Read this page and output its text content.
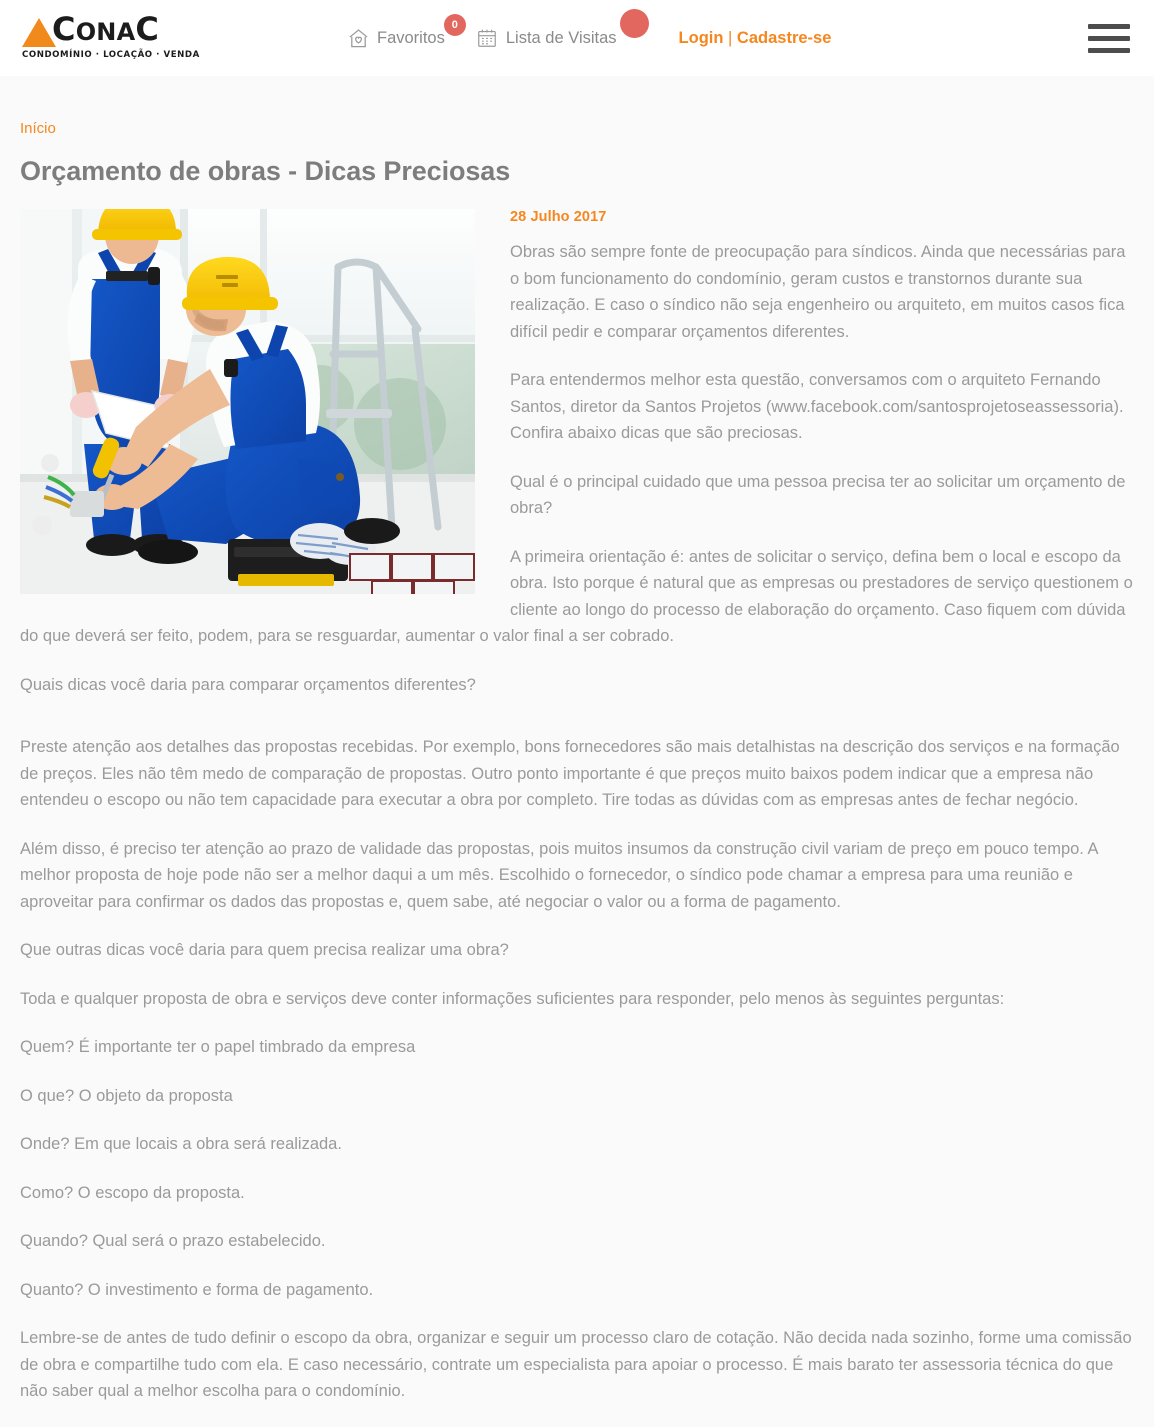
CONAC
CONDOMÍNIO · LOCAÇÃO · VENDA
Favoritos
0
Lista de Visitas	Login | Cadastre-se
Início
Orçamento de obras - Dicas Preciosas

28 Julho 2017

Obras são sempre fonte de preocupação para síndicos. Ainda que necessárias para o bom funcionamento do condomínio, geram custos e transtornos durante sua realização. E caso o síndico não seja engenheiro ou arquiteto, em muitos casos fica difícil pedir e comparar orçamentos diferentes.

Para entendermos melhor esta questão, conversamos com o arquiteto Fernando Santos, diretor da Santos Projetos (www.facebook.com/santosprojetoseassessoria). Confira abaixo dicas que são preciosas.

Qual é o principal cuidado que uma pessoa precisa ter ao solicitar um orçamento de obra?

A primeira orientação é: antes de solicitar o serviço, defina bem o local e escopo da obra. Isto porque é natural que as empresas ou prestadores de serviço questionem o cliente ao longo do processo de elaboração do orçamento. Caso fiquem com dúvida do que deverá ser feito, podem, para se resguardar, aumentar o valor final a ser cobrado.

Quais dicas você daria para comparar orçamentos diferentes?

Preste atenção aos detalhes das propostas recebidas. Por exemplo, bons fornecedores são mais detalhistas na descrição dos serviços e na formação de preços. Eles não têm medo de comparação de propostas. Outro ponto importante é que preços muito baixos podem indicar que a empresa não entendeu o escopo ou não tem capacidade para executar a obra por completo. Tire todas as dúvidas com as empresas antes de fechar negócio.

Além disso, é preciso ter atenção ao prazo de validade das propostas, pois muitos insumos da construção civil variam de preço em pouco tempo. A melhor proposta de hoje pode não ser a melhor daqui a um mês. Escolhido o fornecedor, o síndico pode chamar a empresa para uma reunião e aproveitar para confirmar os dados das propostas e, quem sabe, até negociar o valor ou a forma de pagamento.

Que outras dicas você daria para quem precisa realizar uma obra?

Toda e qualquer proposta de obra e serviços deve conter informações suficientes para responder, pelo menos às seguintes perguntas:

Quem? É importante ter o papel timbrado da empresa

O que? O objeto da proposta

Onde? Em que locais a obra será realizada.

Como? O escopo da proposta.

Quando? Qual será o prazo estabelecido.

Quanto? O investimento e forma de pagamento.

Lembre-se de antes de tudo definir o escopo da obra, organizar e seguir um processo claro de cotação. Não decida nada sozinho, forme uma comissão de obra e compartilhe tudo com ela. E caso necessário, contrate um especialista para apoiar o processo. É mais barato ter assessoria técnica do que não saber qual a melhor escolha para o condomínio.
